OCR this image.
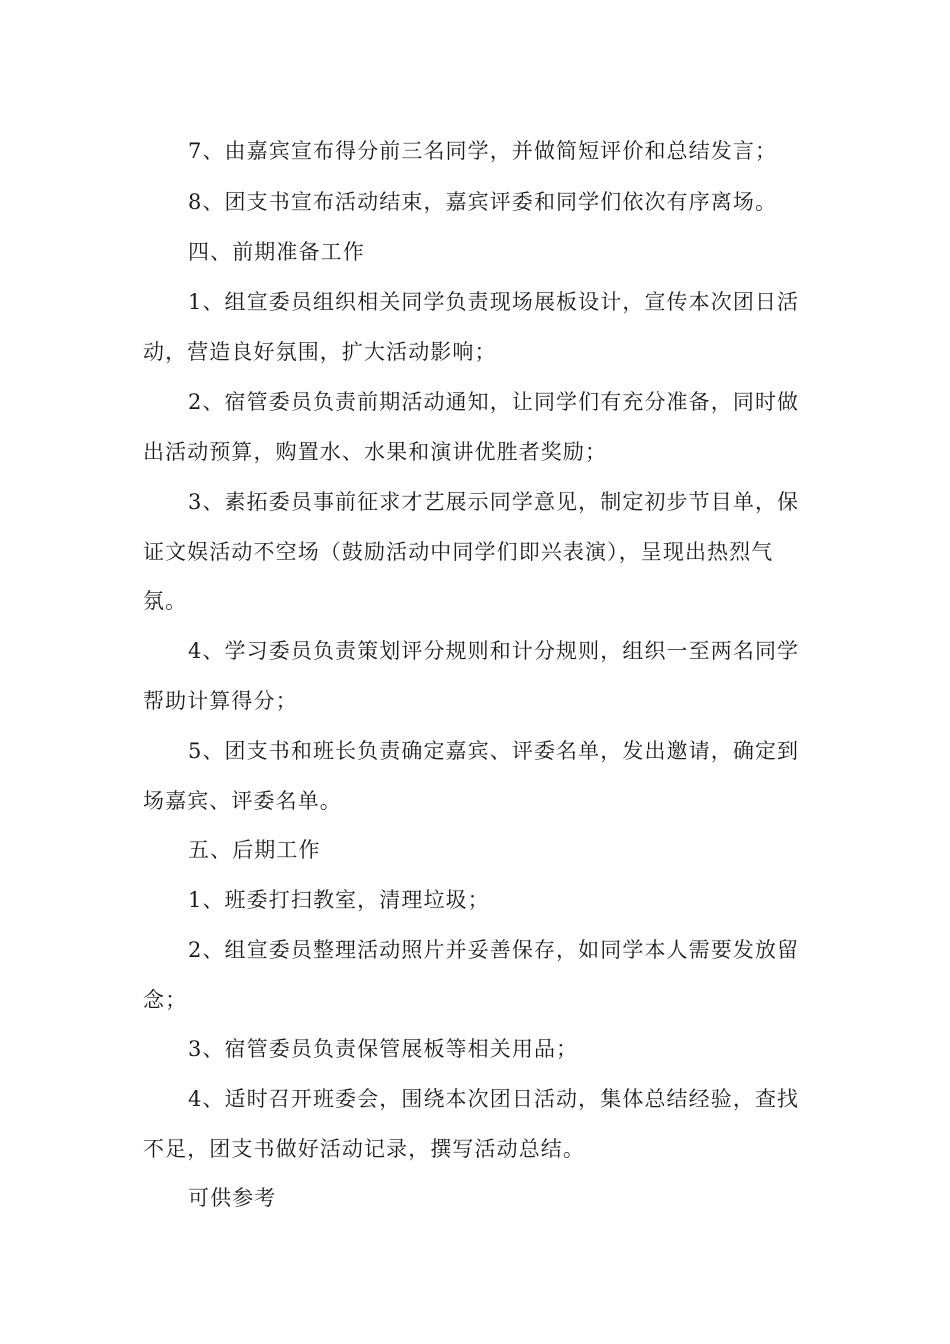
7、由嘉宾宣布得分前三名同学，并做简短评价和总结发言；
8、团支书宣布活动结束，嘉宾评委和同学们依次有序离场。
四、前期准备工作
1、组宣委员组织相关同学负责现场展板设计，宣传本次团日活
动，营造良好氛围，扩大活动影响；
2、宿管委员负责前期活动通知，让同学们有充分准备，同时做
出活动预算，购置水、水果和演讲优胜者奖励；
3、素拓委员事前征求才艺展示同学意见，制定初步节目单，保
证文娱活动不空场（鼓励活动中同学们即兴表演），呈现出热烈气
氛。
4、学习委员负责策划评分规则和计分规则，组织一至两名同学
帮助计算得分；
5、团支书和班长负责确定嘉宾、评委名单，发出邀请，确定到
场嘉宾、评委名单。
五、后期工作
1、班委打扫教室，清理垃圾；
2、组宣委员整理活动照片并妥善保存，如同学本人需要发放留
念；
3、宿管委员负责保管展板等相关用品；
4、适时召开班委会，围绕本次团日活动，集体总结经验，查找
不足，团支书做好活动记录，撰写活动总结。
可供参考
